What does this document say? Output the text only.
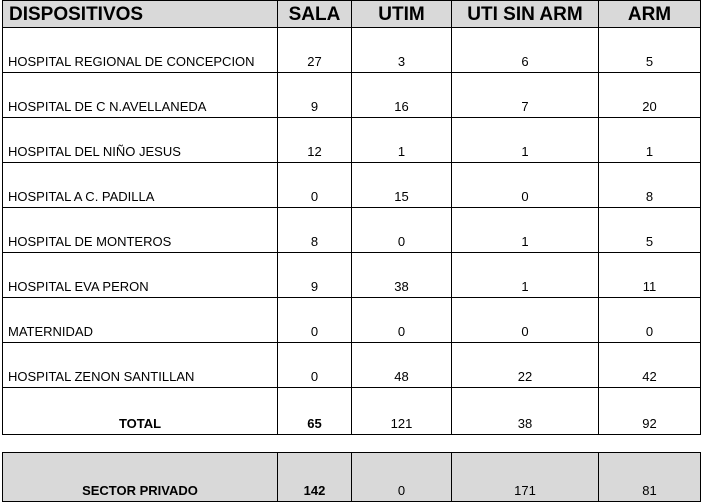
DISPOSITIVOS	SALA	UTIM	UTI SIN ARM	ARM
HOSPITAL REGIONAL DE CONCEPCION	27	3	6	5
HOSPITAL DE C N.AVELLANEDA	9	16	7	20
HOSPITAL DEL NIÑO JESUS	12	1	1	1
HOSPITAL A C. PADILLA	0	15	0	8
HOSPITAL DE MONTEROS	8	0	1	5
HOSPITAL EVA PERON	9	38	1	11
MATERNIDAD	0	0	0	0
HOSPITAL ZENON SANTILLAN	0	48	22	42
TOTAL	65	121	38	92
SECTOR PRIVADO	142	0	171	81
